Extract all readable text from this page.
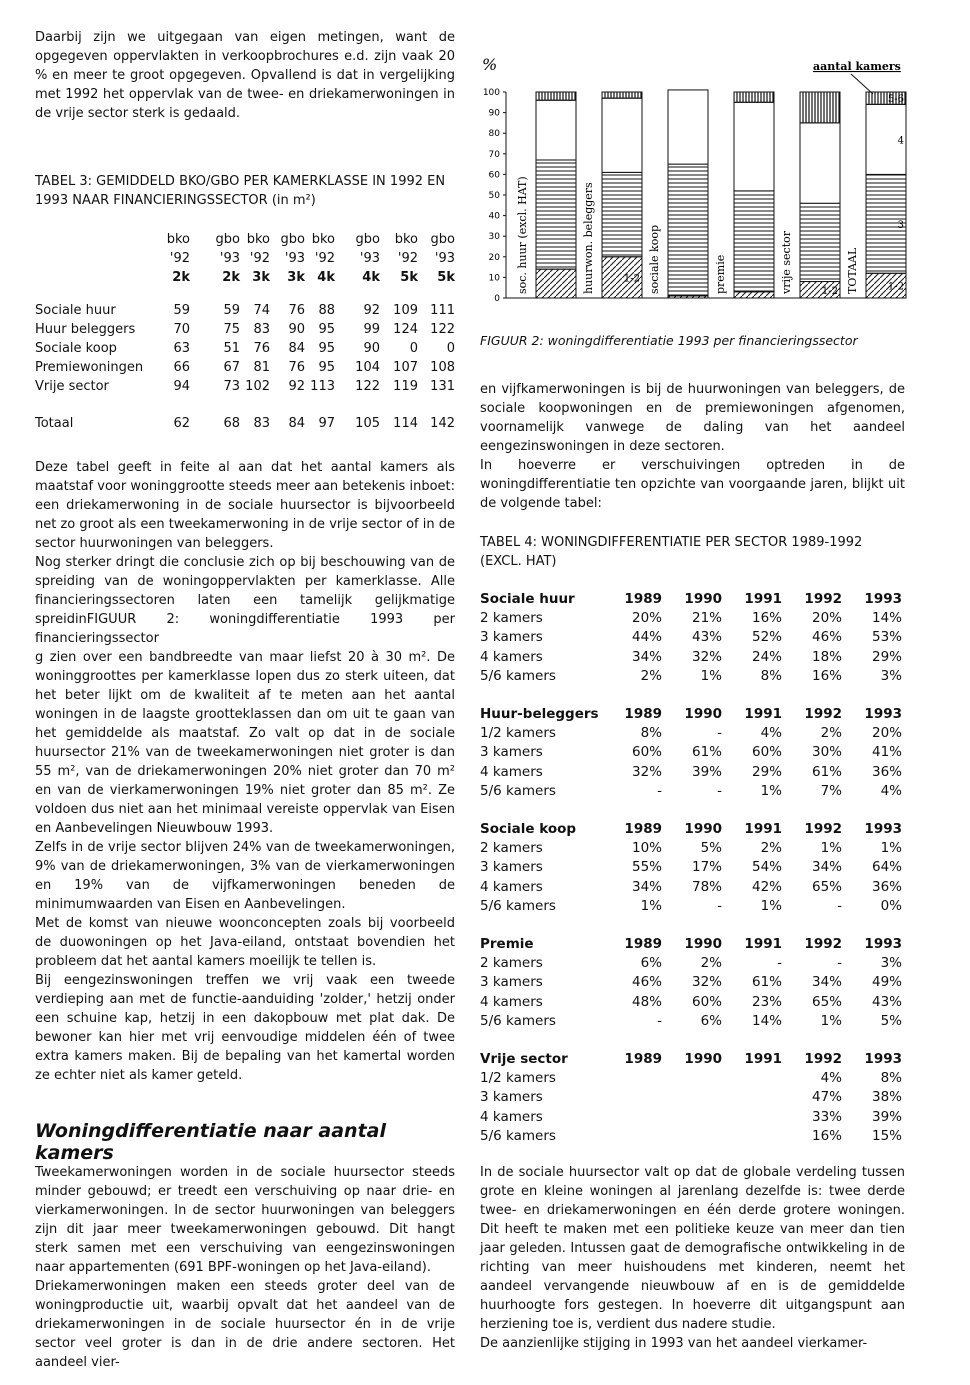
Daarbij zijn we uitgegaan van eigen metingen, want de opgegeven oppervlakten in verkoopbrochures e.d. zijn vaak 20 % en meer te groot opgegeven. Opvallend is dat in vergelijking met 1992 het oppervlak van de twee- en driekamerwoningen in de vrije sector sterk is gedaald.

TABEL 3: GEMIDDELD BKO/GBO PER KAMERKLASSE IN 1992 EN 1993 NAAR FINANCIERINGSSECTOR (in m²)
	bko	gbo	bko	gbo	bko	gbo	bko	gbo
	'92	'93	'92	'93	'92	'93	'92	'93
	2k	2k	3k	3k	4k	4k	5k	5k

Sociale huur	59	59	74	76	88	92	109	111
Huur beleggers	70	75	83	90	95	99	124	122
Sociale koop	63	51	76	84	95	90	0	0
Premiewoningen	66	67	81	76	95	104	107	108
Vrije sector	94	73	102	92	113	122	119	131

Totaal	62	68	83	84	97	105	114	142

Deze tabel geeft in feite al aan dat het aantal kamers als maatstaf voor woninggrootte steeds meer aan betekenis inboet: een driekamerwoning in de sociale huursector is bijvoorbeeld net zo groot als een tweekamerwoning in de vrije sector of in de sector huurwoningen van beleggers.

Nog sterker dringt die conclusie zich op bij beschouwing van de spreiding van de woningoppervlakten per kamerklasse. Alle financieringssectoren laten een tamelijk gelijkmatige spreidinFIGUUR 2: woningdifferentiatie 1993 per financieringssector

g zien over een bandbreedte van maar liefst 20 à 30 m². De woninggroottes per kamerklasse lopen dus zo sterk uiteen, dat het beter lijkt om de kwaliteit af te meten aan het aantal woningen in de laagste grootteklassen dan om uit te gaan van het gemiddelde als maatstaf. Zo valt op dat in de sociale huursector 21% van de tweekamerwoningen niet groter is dan 55 m², van de driekamerwoningen 20% niet groter dan 70 m² en van de vierkamerwoningen 19% niet groter dan 85 m². Ze voldoen dus niet aan het minimaal vereiste oppervlak van Eisen en Aanbevelingen Nieuwbouw 1993.

Zelfs in de vrije sector blijven 24% van de tweekamerwoningen, 9% van de driekamerwoningen, 3% van de vierkamerwoningen en 19% van de vijfkamerwoningen beneden de minimumwaarden van Eisen en Aanbevelingen.

Met de komst van nieuwe woonconcepten zoals bij voorbeeld de duowoningen op het Java-eiland, ontstaat bovendien het probleem dat het aantal kamers moeilijk te tellen is.

Bij eengezinswoningen treffen we vrij vaak een tweede verdieping aan met de functie-aanduiding 'zolder,' hetzij onder een schuine kap, hetzij in een dakopbouw met plat dak. De bewoner kan hier met vrij eenvoudige middelen één of twee extra kamers maken. Bij de bepaling van het kamertal worden ze echter niet als kamer geteld.

Woningdifferentiatie naar aantal kamers

Tweekamerwoningen worden in de sociale huursector steeds minder gebouwd; er treedt een verschuiving op naar drie- en vierkamerwoningen. In de sector huurwoningen van beleggers zijn dit jaar meer tweekamerwoningen gebouwd. Dit hangt sterk samen met een verschuiving van eengezinswoningen naar appartementen (691 BPF-woningen op het Java-eiland).

Driekamerwoningen maken een steeds groter deel van de woningproductie uit, waarbij opvalt dat het aandeel van de driekamerwoningen in de sociale huursector én in de vrije sector veel groter is dan in de drie andere sectoren. Het aandeel vier-

%	aantal kamers
0
10
20
30
40
50
60
70
80
90
100
soc. huur (excl. HAT)	huurwon. beleggers	sociale koop	premie	vrije sector	TOTAAL
1-2
1-2	1-2
3
4
5-6
FIGUUR 2: woningdifferentiatie 1993 per financieringssector

en vijfkamerwoningen is bij de huurwoningen van beleggers, de sociale koopwoningen en de premiewoningen afgenomen, voornamelijk vanwege de daling van het aandeel eengezinswoningen in deze sectoren.

In hoeverre er verschuivingen optreden in de woningdifferentiatie ten opzichte van voorgaande jaren, blijkt uit de volgende tabel:

TABEL 4: WONINGDIFFERENTIATIE PER SECTOR 1989-1992 (EXCL. HAT)
Sociale huur	1989	1990	1991	1992	1993
2 kamers	20%	21%	16%	20%	14%
3 kamers	44%	43%	52%	46%	53%
4 kamers	34%	32%	24%	18%	29%
5/6 kamers	2%	1%	8%	16%	3%

Huur-beleggers	1989	1990	1991	1992	1993
1/2 kamers	8%	-	4%	2%	20%
3 kamers	60%	61%	60%	30%	41%
4 kamers	32%	39%	29%	61%	36%
5/6 kamers	-	-	1%	7%	4%

Sociale koop	1989	1990	1991	1992	1993
2 kamers	10%	5%	2%	1%	1%
3 kamers	55%	17%	54%	34%	64%
4 kamers	34%	78%	42%	65%	36%
5/6 kamers	1%	-	1%	-	0%

Premie	1989	1990	1991	1992	1993
2 kamers	6%	2%	-	-	3%
3 kamers	46%	32%	61%	34%	49%
4 kamers	48%	60%	23%	65%	43%
5/6 kamers	-	6%	14%	1%	5%

Vrije sector	1989	1990	1991	1992	1993
1/2 kamers				4%	8%
3 kamers				47%	38%
4 kamers				33%	39%
5/6 kamers				16%	15%

In de sociale huursector valt op dat de globale verdeling tussen grote en kleine woningen al jarenlang dezelfde is: twee derde twee- en driekamerwoningen en één derde grotere woningen. Dit heeft te maken met een politieke keuze van meer dan tien jaar geleden. Intussen gaat de demografische ontwikkeling in de richting van meer huishoudens met kinderen, neemt het aandeel vervangende nieuwbouw af en is de gemiddelde huurhoogte fors gestegen. In hoeverre dit uitgangspunt aan herziening toe is, verdient dus nadere studie.

De aanzienlijke stijging in 1993 van het aandeel vierkamer-
